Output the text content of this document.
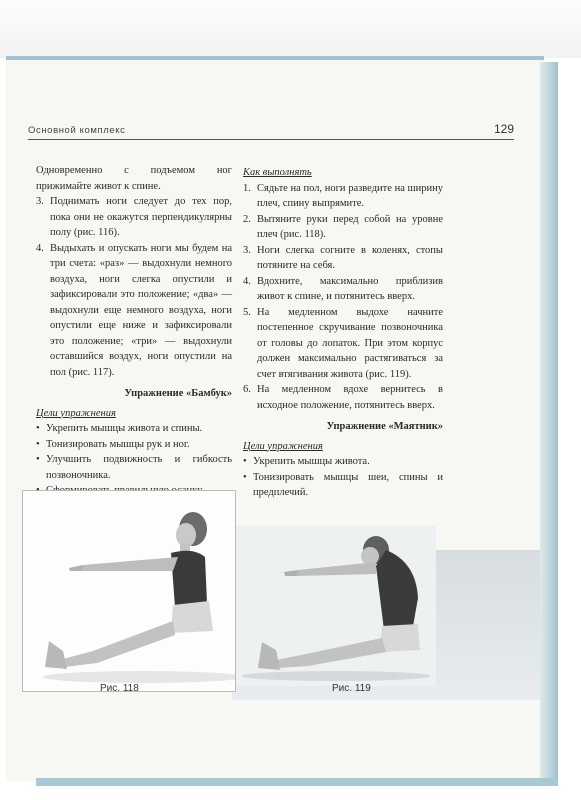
Основной комплекс	129

Одновременно с подъемом ног прижимайте живот к спине.

3. Поднимать ноги следует до тех пор, пока они не окажутся перпендикулярны полу (рис. 116).
4. Выдыхать и опускать ноги мы будем на три счета: «раз» — выдохнули немного воздуха, ноги слегка опустили и зафиксировали это положение; «два» — выдохнули еще немного воздуха, ноги опустили еще ниже и зафиксировали это положение; «три» — выдохнули оставшийся воздух, ноги опустили на пол (рис. 117).
Упражнение «Бамбук»
Цели упражнения
• Укрепить мышцы живота и спины.
• Тонизировать мышцы рук и ног.
• Улучшить подвижность и гибкость позвоночника.
Как выполнять
1. Сядьте на пол, ноги разведите на ширину плеч, спину выпрямите.
2. Вытяните руки перед собой на уровне плеч (рис. 118).
3. Ноги слегка согните в коленях, стопы потяните на себя.
4. Вдохните, максимально приблизив живот к спине, и потянитесь вверх.
5. На медленном выдохе начните постепенное скручивание позвоночника от головы до лопаток. При этом корпус должен максимально растягиваться за счет втягивания живота (рис. 119).
6. На медленном вдохе вернитесь в исходное положение, потянитесь вверх.
Упражнение «Маятник»
Цели упражнения
• Укрепить мышцы живота.
• Тонизировать мышцы шеи, спины и предплечий.
Рис. 118	Рис. 119
